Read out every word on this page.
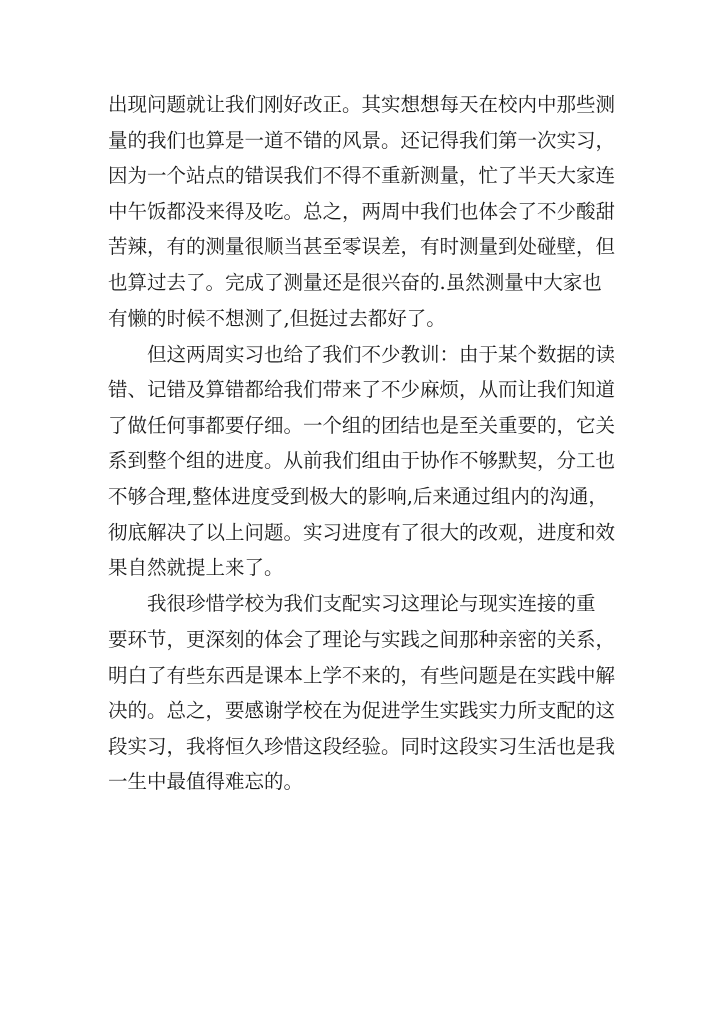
出现问题就让我们刚好改正。其实想想每天在校内中那些测
量的我们也算是一道不错的风景。还记得我们第一次实习，
因为一个站点的错误我们不得不重新测量，忙了半天大家连
中午饭都没来得及吃。总之，两周中我们也体会了不少酸甜
苦辣，有的测量很顺当甚至零误差，有时测量到处碰壁，但
也算过去了。完成了测量还是很兴奋的.虽然测量中大家也
有懒的时候不想测了,但挺过去都好了。

　　但这两周实习也给了我们不少教训：由于某个数据的读
错、记错及算错都给我们带来了不少麻烦，从而让我们知道
了做任何事都要仔细。一个组的团结也是至关重要的，它关
系到整个组的进度。从前我们组由于协作不够默契，分工也
不够合理,整体进度受到极大的影响,后来通过组内的沟通，
彻底解决了以上问题。实习进度有了很大的改观，进度和效
果自然就提上来了。

　　我很珍惜学校为我们支配实习这理论与现实连接的重
要环节，更深刻的体会了理论与实践之间那种亲密的关系，
明白了有些东西是课本上学不来的，有些问题是在实践中解
决的。总之，要感谢学校在为促进学生实践实力所支配的这
段实习，我将恒久珍惜这段经验。同时这段实习生活也是我
一生中最值得难忘的。
